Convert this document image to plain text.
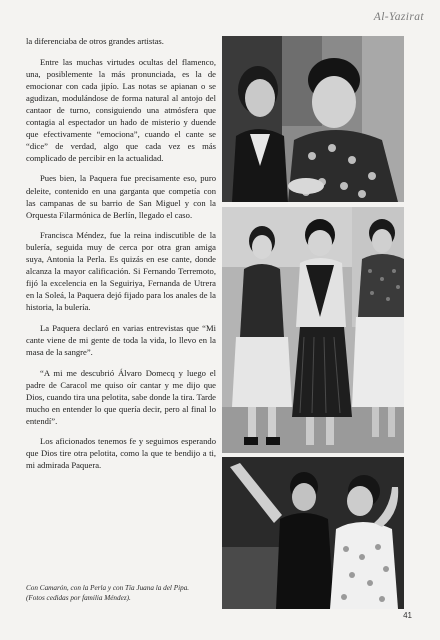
Al-Yazirat

la diferenciaba de otros grandes artistas.

Entre las muchas virtudes ocultas del flamenco, una, posiblemente la más pronunciada, es la de emocionar con cada jipío. Las notas se apianan o se agudizan, modulándose de forma natural al antojo del cantaor de turno, consiguiendo una atmósfera que contagia al espectador un hado de misterio y duende que efectivamente “emociona”, cuando el cante se “dice” de verdad, algo que cada vez es más complicado de percibir en la actualidad.

Pues bien, la Paquera fue precisamente eso, puro deleite, contenido en una garganta que competía con las campanas de su barrio de San Miguel y con la Orquesta Filarmónica de Berlín, llegado el caso.

Francisca Méndez, fue la reina indiscutible de la bulería, seguida muy de cerca por otra gran amiga suya, Antonia la Perla. Es quizás en ese cante, donde alcanza la mayor calificación. Si Fernando Terremoto, fijó la excelencia en la Seguiriya, Fernanda de Utrera en la Soleá, la Paquera dejó fijado para los anales de la historia, la bulería.

La Paquera declaró en varias entrevistas que “Mi cante viene de mi gente de toda la vida, lo llevo en la masa de la sangre”.

“A mi me descubrió Álvaro Domecq y luego el padre de Caracol me quiso oír cantar y me dijo que Dios, cuando tira una pelotita, sabe donde la tira. Tarde mucho en entender lo que quería decir, pero al final lo entendí”.

Los aficionados tenemos fe y seguimos esperando que Dios tire otra pelotita, como la que te bendijo a ti, mi admirada Paquera.

Con Camarón, con la Perla y con Tía Juana la del Pipa.
(Fotos cedidas por familia Méndez).
41
